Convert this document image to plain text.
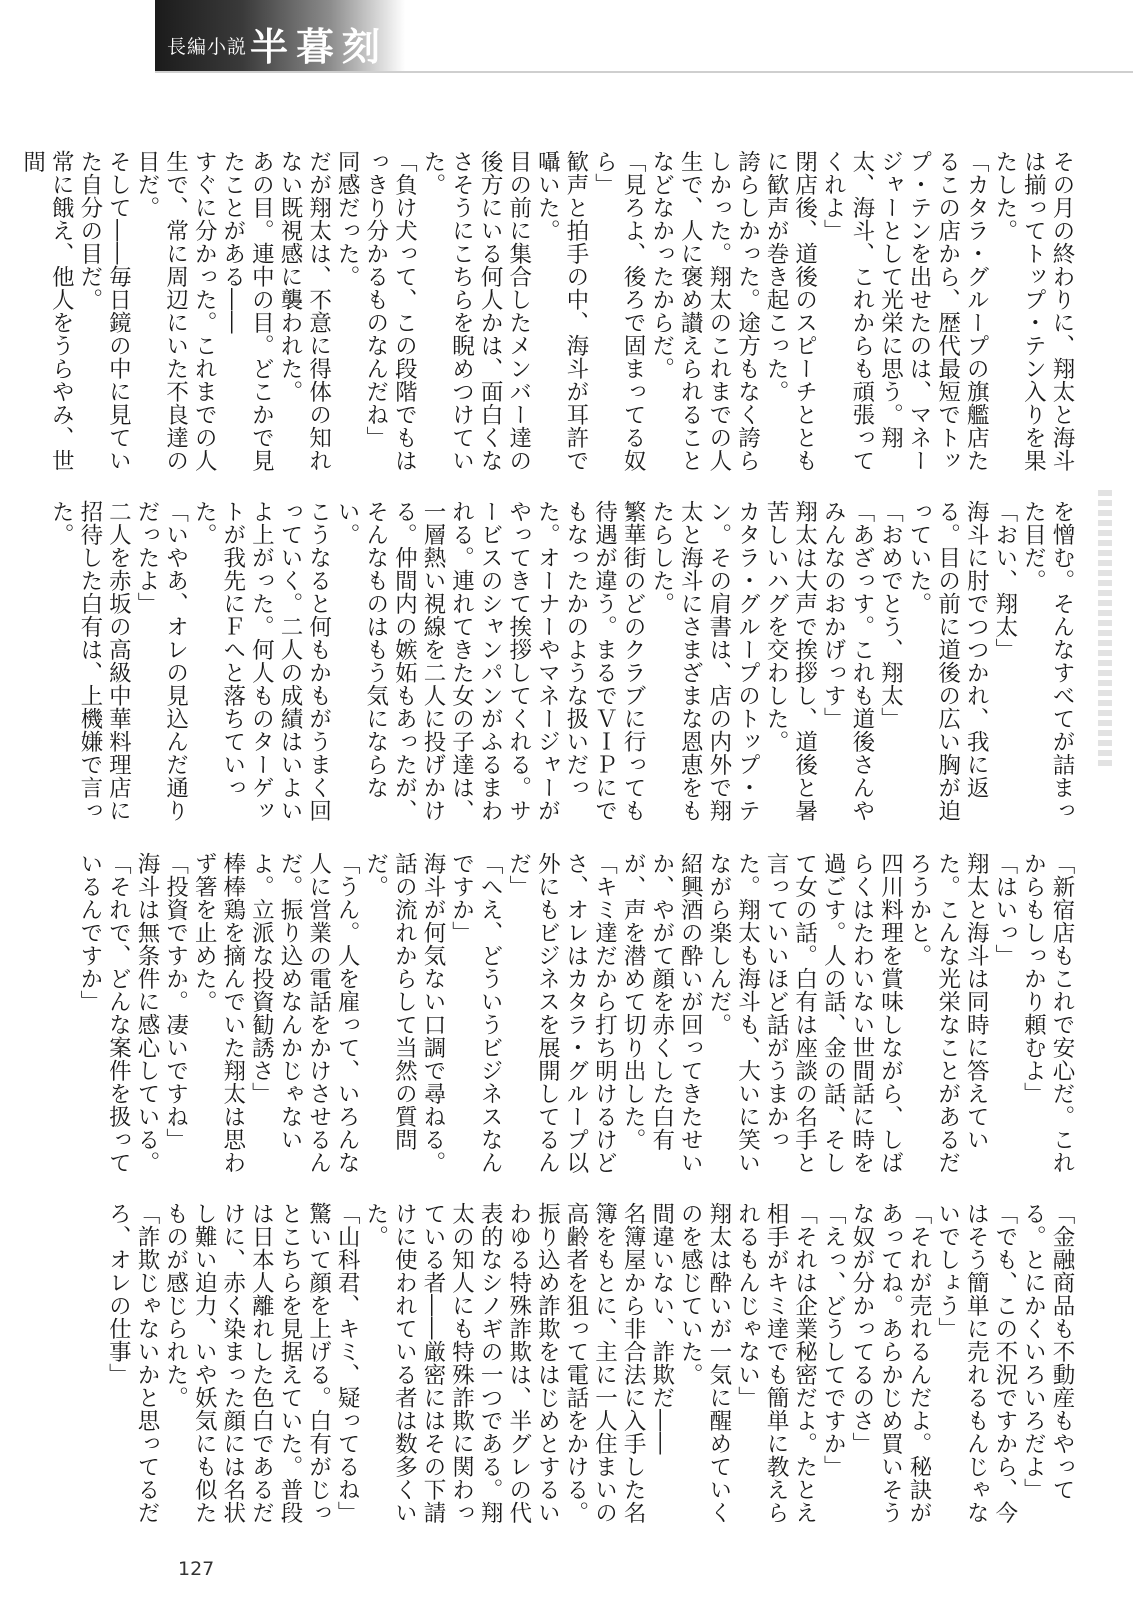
長編小説 半暮刻

その月の終わりに、翔太と海斗は揃ってトップ・テン入りを果たした。

「カタラ・グループの旗艦店たるこの店から、歴代最短でトップ・テンを出せたのは、マネージャーとして光栄に思う。翔太、海斗、これからも頑張ってくれよ」

閉店後、道後のスピーチとともに歓声が巻き起こった。

誇らしかった。途方もなく誇らしかった。翔太のこれまでの人生で、人に褒め讃えられることなどなかったからだ。

「見ろよ、後ろで固まってる奴ら」

歓声と拍手の中、海斗が耳許で囁いた。

目の前に集合したメンバー達の後方にいる何人かは、面白くなさそうにこちらを睨めつけていた。

「負け犬って、この段階でもはっきり分かるものなんだね」

同感だった。

だが翔太は、不意に得体の知れない既視感に襲われた。

あの目。連中の目。どこかで見たことがある――

すぐに分かった。これまでの人生で、常に周辺にいた不良達の目だ。

そして――毎日鏡の中に見ていた自分の目だ。

常に餓え、他人をうらやみ、世間

を憎む。そんなすべてが詰まった目だ。

「おい、翔太」

海斗に肘でつつかれ、我に返る。目の前に道後の広い胸が迫っていた。

「おめでとう、翔太」

「あざっす。これも道後さんやみんなのおかげっす」

翔太は大声で挨拶し、道後と暑苦しいハグを交わした。

カタラ・グループのトップ・テン。その肩書は、店の内外で翔太と海斗にさまざまな恩恵をもたらした。

繁華街のどのクラブに行っても待遇が違う。まるでＶＩＰにでもなったかのような扱いだった。オーナーやマネージャーがやってきて挨拶してくれる。サービスのシャンパンがふるまわれる。連れてきた女の子達は、一層熱い視線を二人に投げかける。仲間内の嫉妬もあったが、そんなものはもう気にならない。

こうなると何もかもがうまく回っていく。二人の成績はいよいよ上がった。何人ものターゲットが我先にＦへと落ちていった。

「いやあ、オレの見込んだ通りだったよ」

二人を赤坂の高級中華料理店に招待した白有は、上機嫌で言った。

「新宿店もこれで安心だ。これからもしっかり頼むよ」

「はいっ」

翔太と海斗は同時に答えていた。こんな光栄なことがあるだろうかと。

四川料理を賞味しながら、しばらくはたわいない世間話に時を過ごす。人の話、金の話、そして女の話。白有は座談の名手と言っていいほど話がうまかった。翔太も海斗も、大いに笑いながら楽しんだ。

紹興酒の酔いが回ってきたせいか、やがて顔を赤くした白有が、声を潜めて切り出した。

「キミ達だから打ち明けるけどさ、オレはカタラ・グループ以外にもビジネスを展開してるんだ」

「へえ、どういうビジネスなんですか」

海斗が何気ない口調で尋ねる。話の流れからして当然の質問だ。

「うん。人を雇って、いろんな人に営業の電話をかけさせるんだ。振り込めなんかじゃないよ。立派な投資勧誘さ」

棒棒鶏を摘んでいた翔太は思わず箸を止めた。

「投資ですか。凄いですね」

海斗は無条件に感心している。

「それで、どんな案件を扱っているんですか」

「金融商品も不動産もやってる。とにかくいろいろだよ」

「でも、この不況ですから、今はそう簡単に売れるもんじゃないでしょう」

「それが売れるんだよ。秘訣があってね。あらかじめ買いそうな奴が分かってるのさ」

「えっ、どうしてですか」

「それは企業秘密だよ。たとえ相手がキミ達でも簡単に教えられるもんじゃない」

翔太は酔いが一気に醒めていくのを感じていた。

間違いない、詐欺だ――

名簿屋から非合法に入手した名簿をもとに、主に一人住まいの高齢者を狙って電話をかける。振り込め詐欺をはじめとするいわゆる特殊詐欺は、半グレの代表的なシノギの一つである。翔太の知人にも特殊詐欺に関わっている者――厳密にはその下請けに使われている者は数多くいた。

「山科君、キミ、疑ってるね」

驚いて顔を上げる。白有がじっとこちらを見据えていた。普段は日本人離れした色白であるだけに、赤く染まった顔には名状し難い迫力、いや妖気にも似たものが感じられた。

「詐欺じゃないかと思ってるだろ、オレの仕事」

127
